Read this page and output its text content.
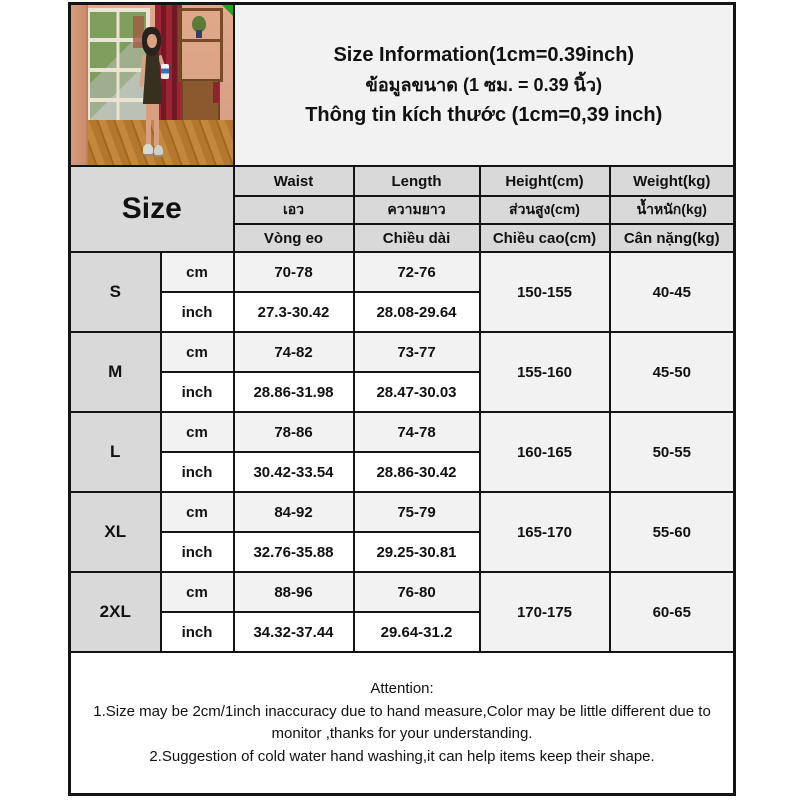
		Size Information(1cm=0.39inch)
ข้อมูลขนาด (1 ซม. = 0.39 นิ้ว)
Thông tin kích thước (1cm=0,39 inch)			

Size		Waist	Length	Height(cm)	Weight(kg)
		เอว	ความยาว	ส่วนสูง(cm)	น้ำหนัก(kg)
		Vòng eo	Chiều dài	Chiều cao(cm)	Cân nặng(kg)
S	cm	70-78	72-76	150-155	40-45
	inch	27.3-30.42	28.08-29.64		
M	cm	74-82	73-77	155-160	45-50
	inch	28.86-31.98	28.47-30.03		
L	cm	78-86	74-78	160-165	50-55
	inch	30.42-33.54	28.86-30.42		
XL	cm	84-92	75-79	165-170	55-60
	inch	32.76-35.88	29.25-30.81		
2XL	cm	88-96	76-80	170-175	60-65
	inch	34.32-37.44	29.64-31.2		

Attention:
1.Size may be 2cm/1inch inaccuracy due to hand measure,Color may be little different due to monitor ,thanks for your understanding.
2.Suggestion of cold water hand washing,it can help items keep their shape.					
